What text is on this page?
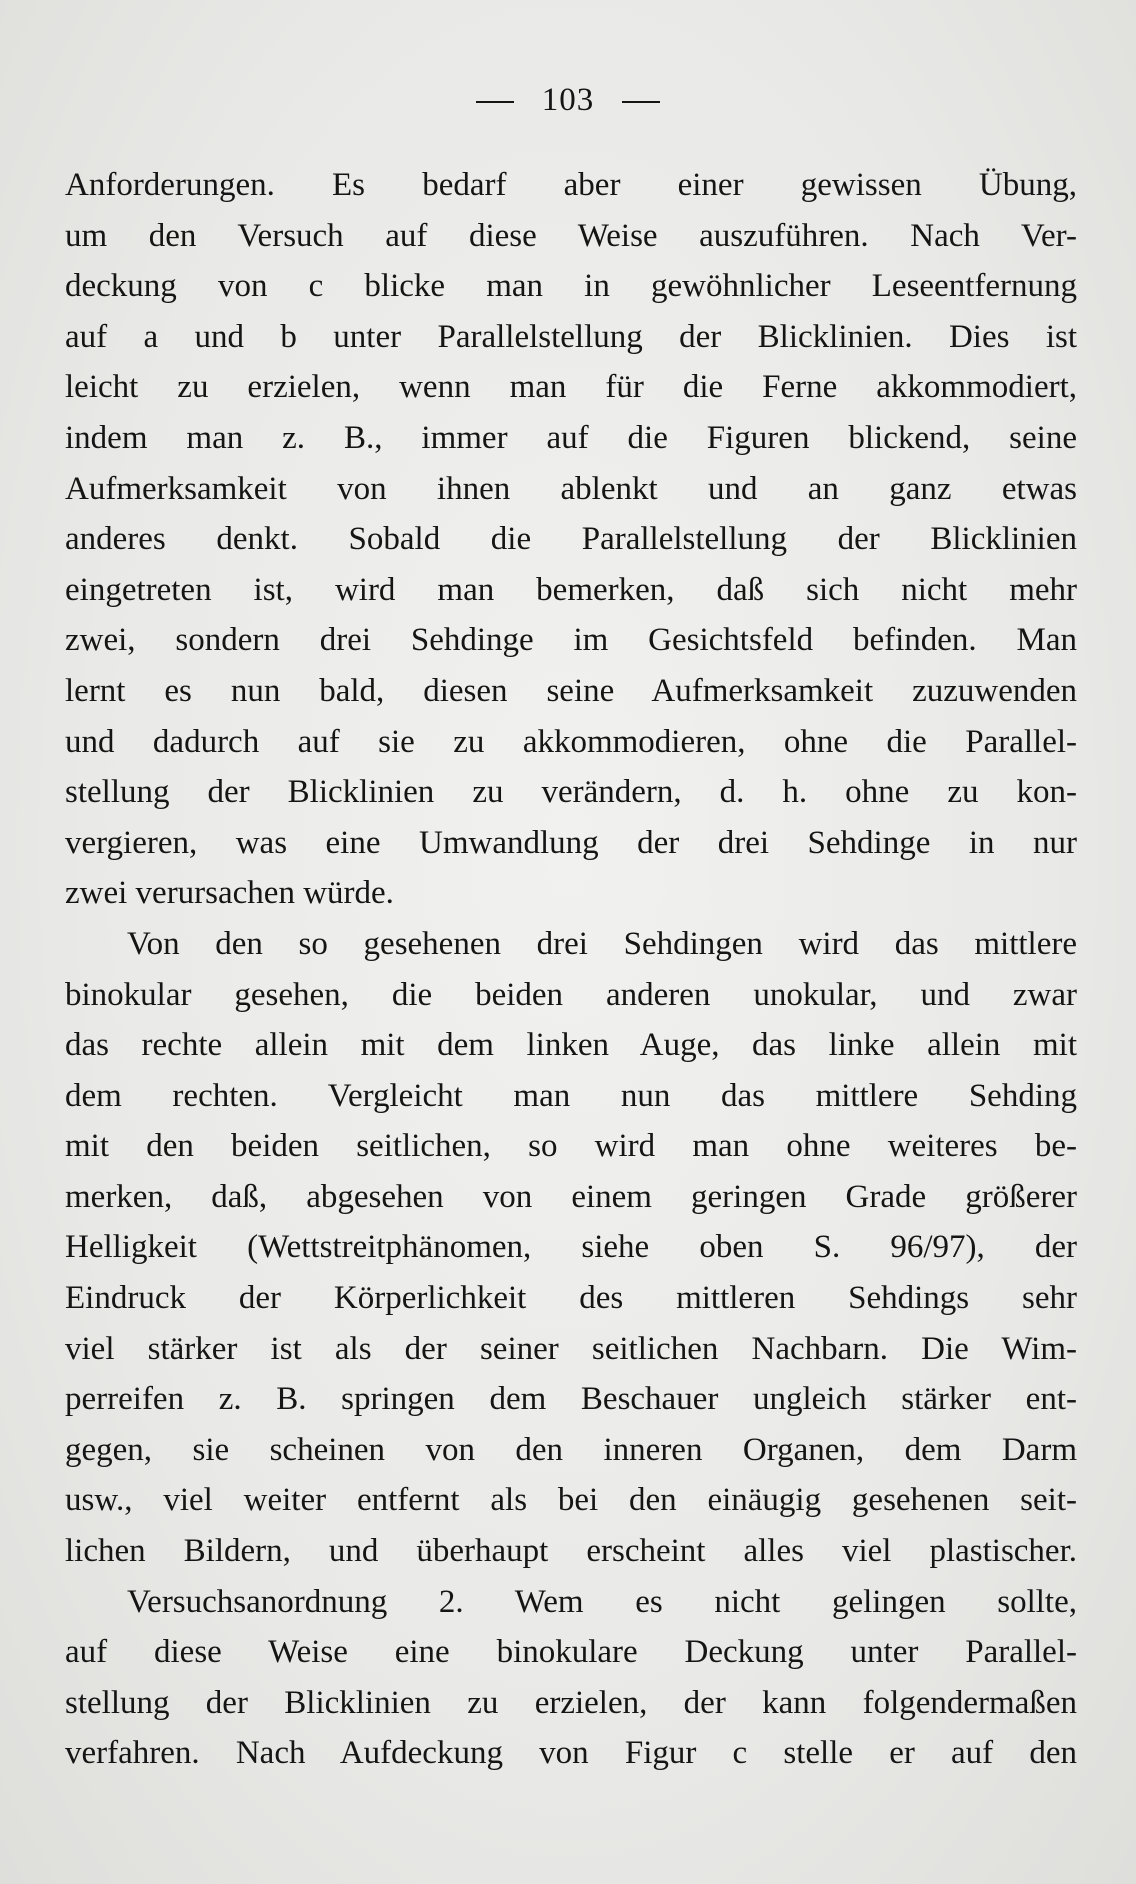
103
Anforderungen. Es bedarf aber einer gewissen Übung,
um den Versuch auf diese Weise auszuführen. Nach Ver-
deckung von c blicke man in gewöhnlicher Leseentfernung
auf a und b unter Parallelstellung der Blicklinien. Dies ist
leicht zu erzielen, wenn man für die Ferne akkommodiert,
indem man z. B., immer auf die Figuren blickend, seine
Aufmerksamkeit von ihnen ablenkt und an ganz etwas
anderes denkt. Sobald die Parallelstellung der Blicklinien
eingetreten ist, wird man bemerken, daß sich nicht mehr
zwei, sondern drei Sehdinge im Gesichtsfeld befinden. Man
lernt es nun bald, diesen seine Aufmerksamkeit zuzuwenden
und dadurch auf sie zu akkommodieren, ohne die Parallel-
stellung der Blicklinien zu verändern, d. h. ohne zu kon-
vergieren, was eine Umwandlung der drei Sehdinge in nur
zwei verursachen würde.
Von den so gesehenen drei Sehdingen wird das mittlere
binokular gesehen, die beiden anderen unokular, und zwar
das rechte allein mit dem linken Auge, das linke allein mit
dem rechten. Vergleicht man nun das mittlere Sehding
mit den beiden seitlichen, so wird man ohne weiteres be-
merken, daß, abgesehen von einem geringen Grade größerer
Helligkeit (Wettstreitphänomen, siehe oben S. 96/97), der
Eindruck der Körperlichkeit des mittleren Sehdings sehr
viel stärker ist als der seiner seitlichen Nachbarn. Die Wim-
perreifen z. B. springen dem Beschauer ungleich stärker ent-
gegen, sie scheinen von den inneren Organen, dem Darm
usw., viel weiter entfernt als bei den einäugig gesehenen seit-
lichen Bildern, und überhaupt erscheint alles viel plastischer.
Versuchsanordnung 2. Wem es nicht gelingen sollte,
auf diese Weise eine binokulare Deckung unter Parallel-
stellung der Blicklinien zu erzielen, der kann folgendermaßen
verfahren. Nach Aufdeckung von Figur c stelle er auf den
